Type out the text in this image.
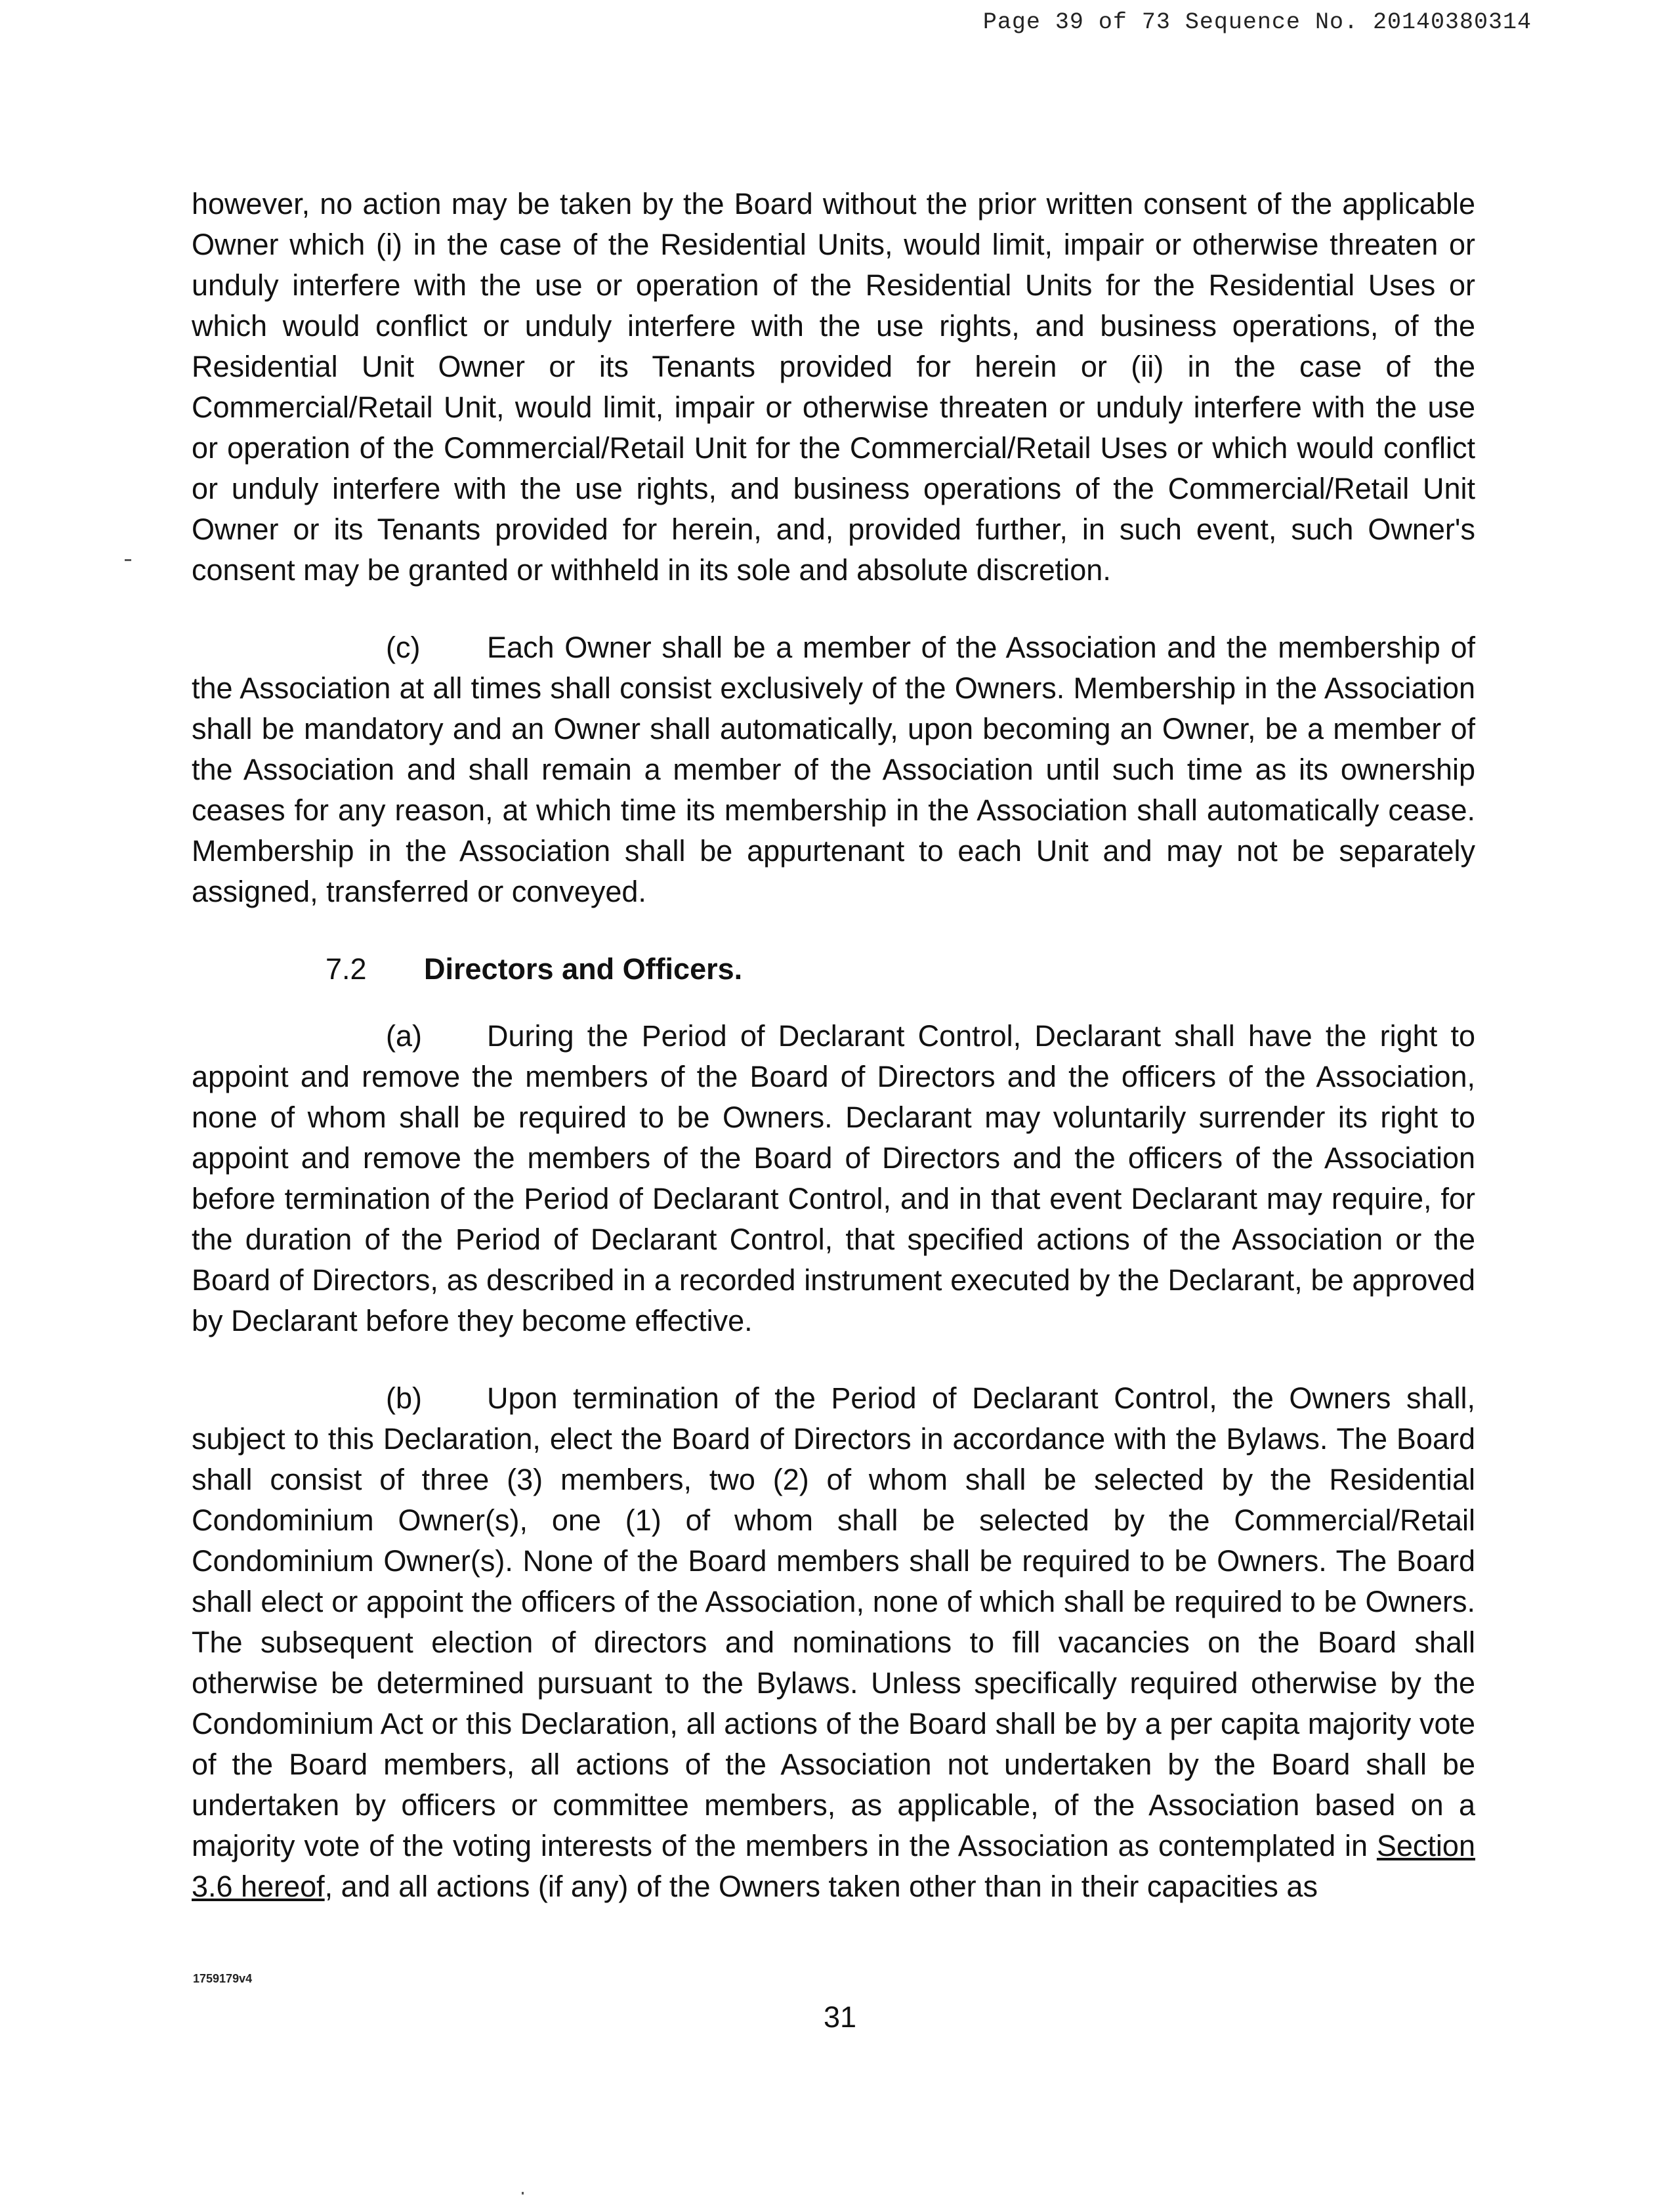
Page 39 of 73 Sequence No. 20140380314

however, no action may be taken by the Board without the prior written consent of the applicable Owner which (i) in the case of the Residential Units, would limit, impair or otherwise threaten or unduly interfere with the use or operation of the Residential Units for the Residential Uses or which would conflict or unduly interfere with the use rights, and business operations, of the Residential Unit Owner or its Tenants provided for herein or (ii) in the case of the Commercial/Retail Unit, would limit, impair or otherwise threaten or unduly interfere with the use or operation of the Commercial/Retail Unit for the Commercial/Retail Uses or which would conflict or unduly interfere with the use rights, and business operations of the Commercial/Retail Unit Owner or its Tenants provided for herein, and, provided further, in such event, such Owner's consent may be granted or withheld in its sole and absolute discretion.

(c) Each Owner shall be a member of the Association and the membership of the Association at all times shall consist exclusively of the Owners. Membership in the Association shall be mandatory and an Owner shall automatically, upon becoming an Owner, be a member of the Association and shall remain a member of the Association until such time as its ownership ceases for any reason, at which time its membership in the Association shall automatically cease. Membership in the Association shall be appurtenant to each Unit and may not be separately assigned, transferred or conveyed.

7.2 Directors and Officers.

(a) During the Period of Declarant Control, Declarant shall have the right to appoint and remove the members of the Board of Directors and the officers of the Association, none of whom shall be required to be Owners. Declarant may voluntarily surrender its right to appoint and remove the members of the Board of Directors and the officers of the Association before termination of the Period of Declarant Control, and in that event Declarant may require, for the duration of the Period of Declarant Control, that specified actions of the Association or the Board of Directors, as described in a recorded instrument executed by the Declarant, be approved by Declarant before they become effective.

(b) Upon termination of the Period of Declarant Control, the Owners shall, subject to this Declaration, elect the Board of Directors in accordance with the Bylaws. The Board shall consist of three (3) members, two (2) of whom shall be selected by the Residential Condominium Owner(s), one (1) of whom shall be selected by the Commercial/Retail Condominium Owner(s). None of the Board members shall be required to be Owners. The Board shall elect or appoint the officers of the Association, none of which shall be required to be Owners. The subsequent election of directors and nominations to fill vacancies on the Board shall otherwise be determined pursuant to the Bylaws. Unless specifically required otherwise by the Condominium Act or this Declaration, all actions of the Board shall be by a per capita majority vote of the Board members, all actions of the Association not undertaken by the Board shall be undertaken by officers or committee members, as applicable, of the Association based on a majority vote of the voting interests of the members in the Association as contemplated in Section 3.6 hereof, and all actions (if any) of the Owners taken other than in their capacities as

1759179v4
31
